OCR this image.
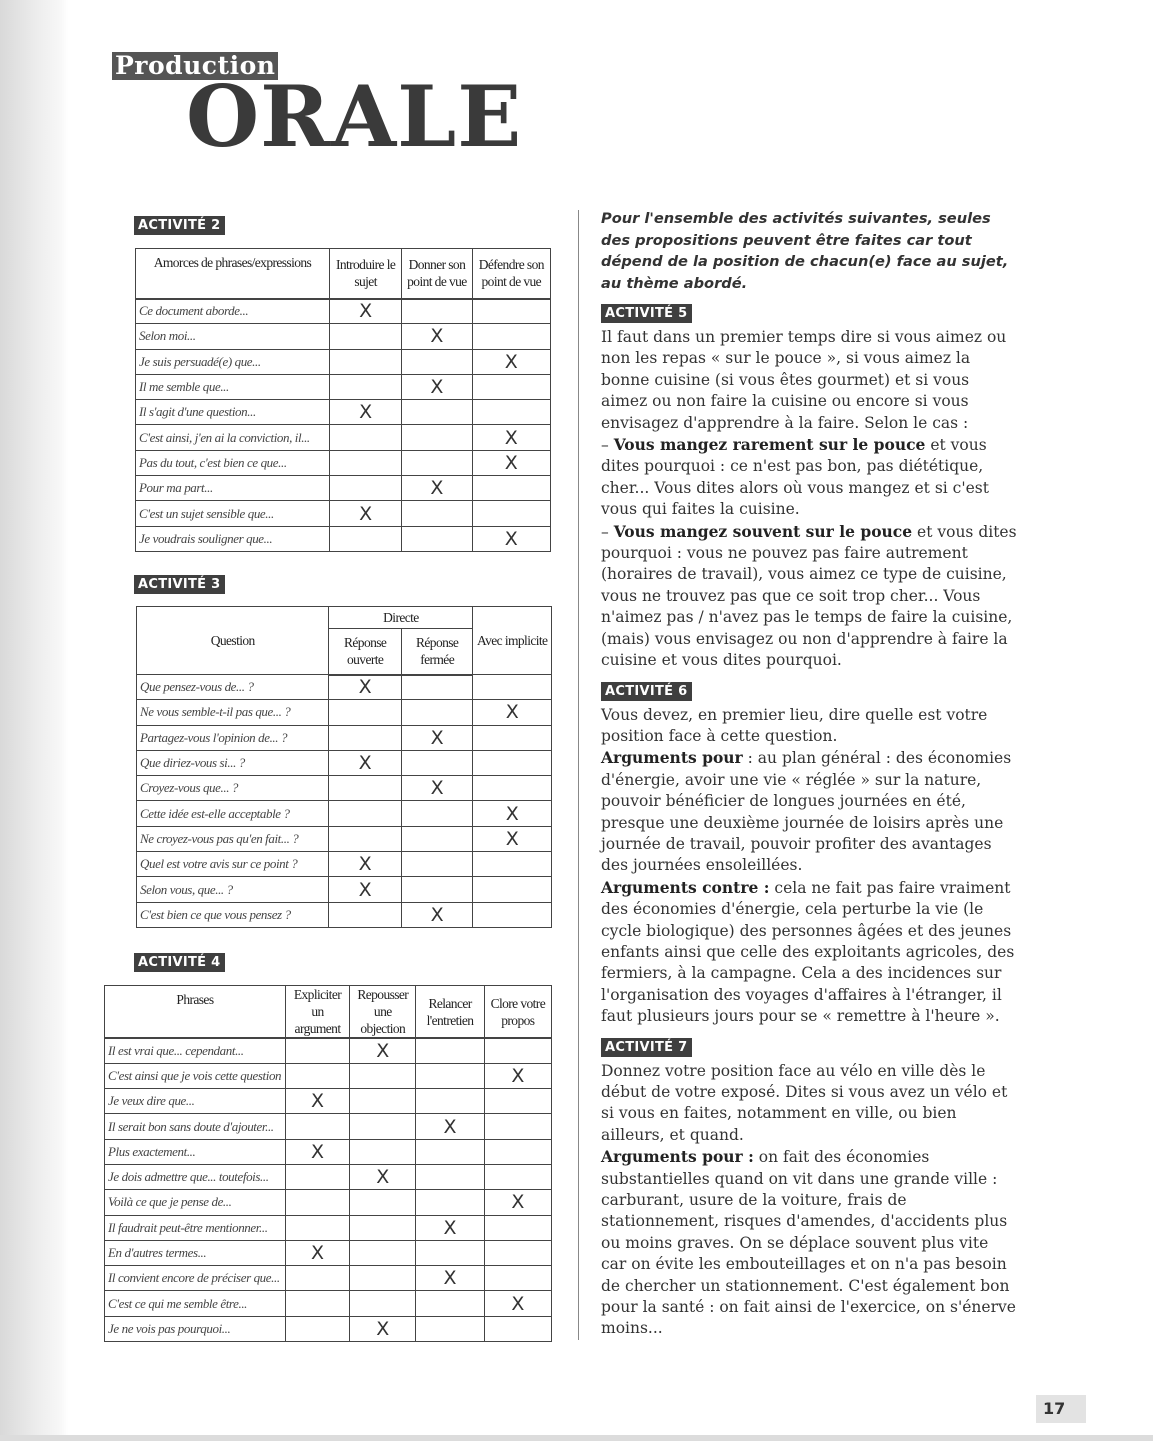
Production
ORALE
ACTIVITÉ 2
Amorces de phrases/expressions	Introduire le sujet	Donner son point de vue	Défendre son point de vue
Ce document aborde...	X		
Selon moi...		X	
Je suis persuadé(e) que...			X
Il me semble que...		X	
Il s'agit d'une question...	X		
C'est ainsi, j'en ai la conviction, il...			X
Pas du tout, c'est bien ce que...			X
Pour ma part...		X	
C'est un sujet sensible que...	X		
Je voudrais souligner que...			X
ACTIVITÉ 3
Question	Directe		Avec implicite
	Réponse ouverte	Réponse fermée	
Que pensez-vous de... ?	X		
Ne vous semble-t-il pas que... ?			X
Partagez-vous l'opinion de... ?		X	
Que diriez-vous si... ?	X		
Croyez-vous que... ?		X	
Cette idée est-elle acceptable ?			X
Ne croyez-vous pas qu'en fait... ?			X
Quel est votre avis sur ce point ?	X		
Selon vous, que... ?	X		
C'est bien ce que vous pensez ?		X	
ACTIVITÉ 4
Phrases	Expliciter un argument	Repousser une objection	Relancer l'entretien	Clore votre propos
Il est vrai que... cependant...		X		
C'est ainsi que je vois cette question				X
Je veux dire que...	X			
Il serait bon sans doute d'ajouter...			X	
Plus exactement...	X			
Je dois admettre que... toutefois...		X		
Voilà ce que je pense de...				X
Il faudrait peut-être mentionner...			X	
En d'autres termes...	X			
Il convient encore de préciser que...			X	
C'est ce qui me semble être...				X
Je ne vois pas pourquoi...		X		

Pour l'ensemble des activités suivantes, seules des propositions peuvent être faites car tout dépend de la position de chacun(e) face au sujet, au thème abordé.

ACTIVITÉ 5

Il faut dans un premier temps dire si vous aimez ou non les repas « sur le pouce », si vous aimez la bonne cuisine (si vous êtes gourmet) et si vous aimez ou non faire la cuisine ou encore si vous envisagez d'apprendre à la faire. Selon le cas :

– Vous mangez rarement sur le pouce et vous dites pourquoi : ce n'est pas bon, pas diététique, cher... Vous dites alors où vous mangez et si c'est vous qui faites la cuisine.

– Vous mangez souvent sur le pouce et vous dites pourquoi : vous ne pouvez pas faire autrement (horaires de travail), vous aimez ce type de cuisine, vous ne trouvez pas que ce soit trop cher... Vous n'aimez pas / n'avez pas le temps de faire la cuisine, (mais) vous envisagez ou non d'apprendre à faire la cuisine et vous dites pourquoi.

ACTIVITÉ 6

Vous devez, en premier lieu, dire quelle est votre position face à cette question.

Arguments pour : au plan général : des économies d'énergie, avoir une vie « réglée » sur la nature, pouvoir bénéficier de longues journées en été, presque une deuxième journée de loisirs après une journée de travail, pouvoir profiter des avantages des journées ensoleillées.

Arguments contre : cela ne fait pas faire vraiment des économies d'énergie, cela perturbe la vie (le cycle biologique) des personnes âgées et des jeunes enfants ainsi que celle des exploitants agricoles, des fermiers, à la campagne. Cela a des incidences sur l'organisation des voyages d'affaires à l'étranger, il faut plusieurs jours pour se « remettre à l'heure ».

ACTIVITÉ 7

Donnez votre position face au vélo en ville dès le début de votre exposé. Dites si vous avez un vélo et si vous en faites, notamment en ville, ou bien ailleurs, et quand.

Arguments pour : on fait des économies substantielles quand on vit dans une grande ville : carburant, usure de la voiture, frais de stationnement, risques d'amendes, d'accidents plus ou moins graves. On se déplace souvent plus vite car on évite les embouteillages et on n'a pas besoin de chercher un stationnement. C'est également bon pour la santé : on fait ainsi de l'exercice, on s'énerve moins...

17
